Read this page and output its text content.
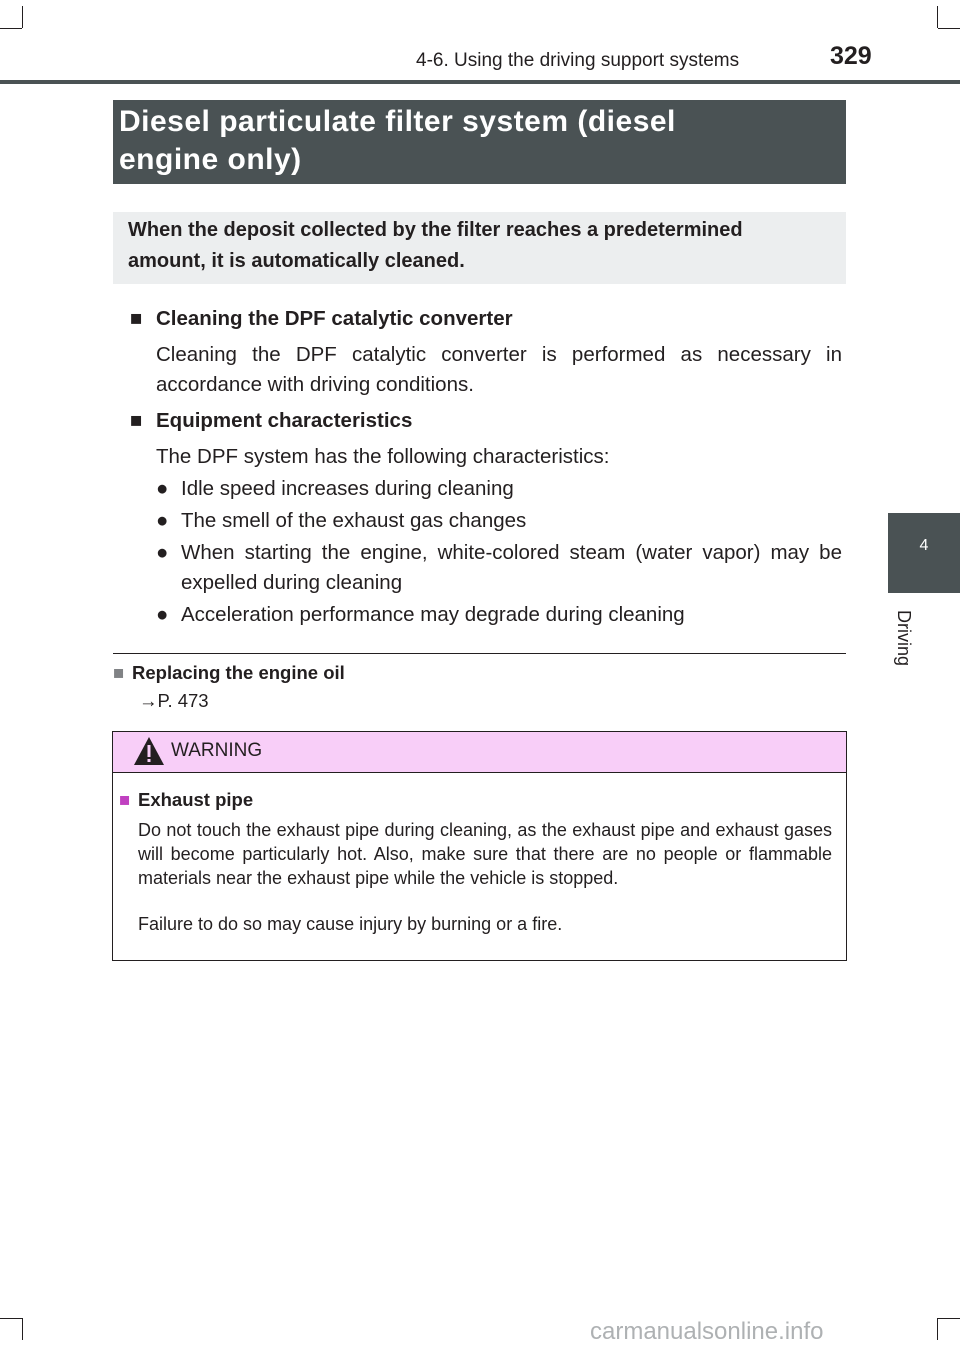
4-6. Using the driving support systems	329
4
Driving
Diesel particulate filter system (diesel
engine only)
When the deposit collected by the filter reaches a predetermined
amount, it is automatically cleaned.
■ Cleaning the DPF catalytic converter
Cleaning the DPF catalytic converter is performed as necessary in accordance with driving conditions.
■ Equipment characteristics
The DPF system has the following characteristics:
● Idle speed increases during cleaning
● The smell of the exhaust gas changes
● When starting the engine, white-colored steam (water vapor) may be expelled during cleaning
● Acceleration performance may degrade during cleaning
■ Replacing the engine oil
→P. 473
WARNING
■ Exhaust pipe
Do not touch the exhaust pipe during cleaning, as the exhaust pipe and exhaust gases will become particularly hot. Also, make sure that there are no people or flammable materials near the exhaust pipe while the vehicle is stopped.
Failure to do so may cause injury by burning or a fire.
carmanualsonline.info
